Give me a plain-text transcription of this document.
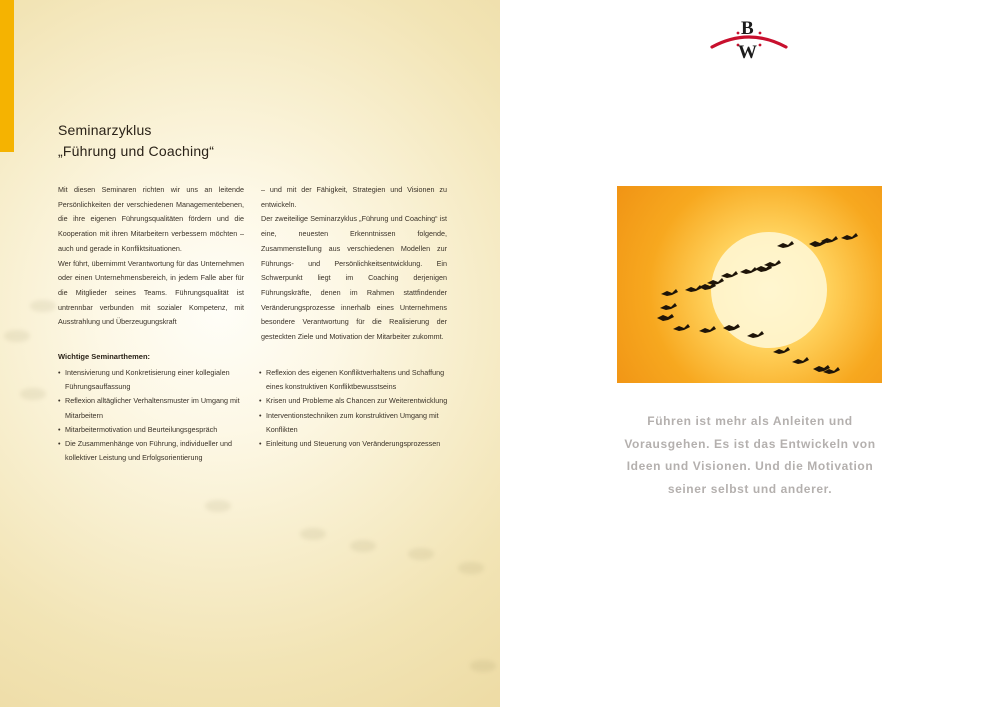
Seminarzyklus
„Führung und Coaching“

Mit diesen Seminaren richten wir uns an leitende Persönlichkeiten der verschiedenen Managementebenen, die ihre eigenen Führungsqualitäten fördern und die Kooperation mit ihren Mitarbeitern verbessern möchten – auch und gerade in Konfliktsituationen.

Wer führt, übernimmt Verantwortung für das Unternehmen oder einen Unternehmensbereich, in jedem Falle aber für die Mitglieder seines Teams. Führungsqualität ist untrennbar verbunden mit sozialer Kompetenz, mit Ausstrahlung und Überzeugungskraft

– und mit der Fähigkeit, Strategien und Visionen zu entwickeln.

Der zweiteilige Seminarzyklus „Führung und Coaching“ ist eine, neuesten Erkenntnissen folgende, Zusammenstellung aus verschiedenen Modellen zur Führungs- und Persönlichkeitsentwicklung. Ein Schwerpunkt liegt im Coaching derjenigen Führungskräfte, denen im Rahmen stattfindender Veränderungsprozesse innerhalb eines Unternehmens besondere Verantwortung für die Realisierung der gesteckten Ziele und Motivation der Mitarbeiter zukommt.

Wichtige Seminarthemen:
• Intensivierung und Konkretisierung einer kollegialen Führungsauffassung
• Reflexion alltäglicher Verhaltensmuster im Umgang mit Mitarbeitern
• Mitarbeitermotivation und Beurteilungsgespräch
• Die Zusammenhänge von Führung, individueller und kollektiver Leistung und Erfolgsorientierung
• Reflexion des eigenen Konfliktverhaltens und Schaffung eines konstruktiven Konfliktbewusstseins
• Krisen und Probleme als Chancen zur Weiterentwicklung
• Interventionstechniken zum konstruktiven Umgang mit Konflikten
• Einleitung und Steuerung von Veränderungsprozessen
B
W

Führen ist mehr als Anleiten und
Vorausgehen. Es ist das Entwickeln von
Ideen und Visionen. Und die Motivation
seiner selbst und anderer.
